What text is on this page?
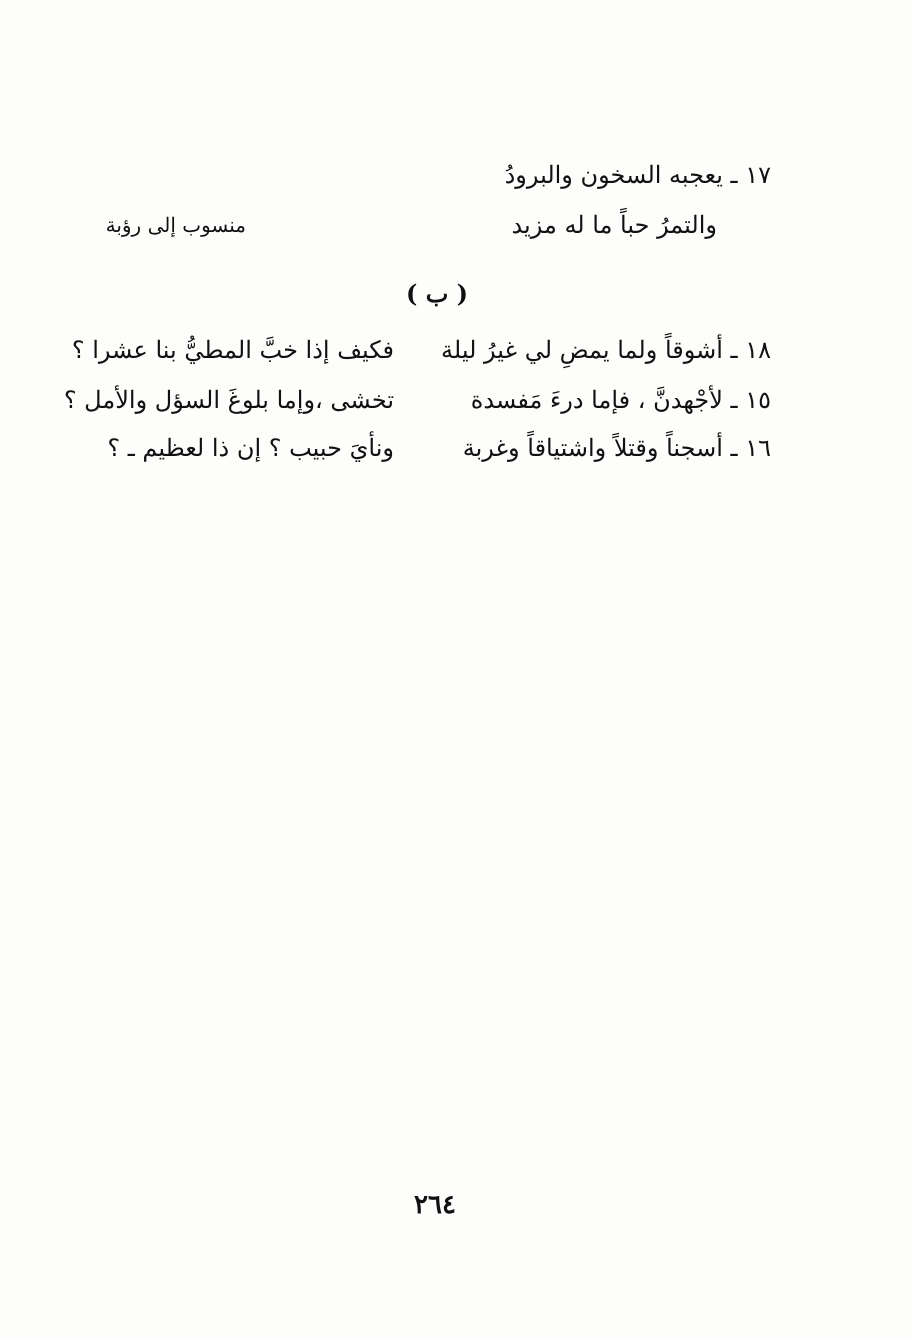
١٧ ـ يعجبه السخون والبرودُ
والتمرُ حباً ما له مزيد
منسوب إلى رؤبة
( ب )
١٨ ـ أشوقاً ولما يمضِ لي غيرُ ليلة
فكيف إذا خبَّ المطيُّ بنا عشرا ؟
١٥ ـ لأجْهدنَّ ، فإما درءَ مَفسدة
تخشى ،وإما بلوغَ السؤل والأمل ؟
١٦ ـ أسجناً وقتلاً واشتياقاً وغربة
ونأيَ حبيب ؟ إن ذا لعظيم ـ ؟
٢٦٤
